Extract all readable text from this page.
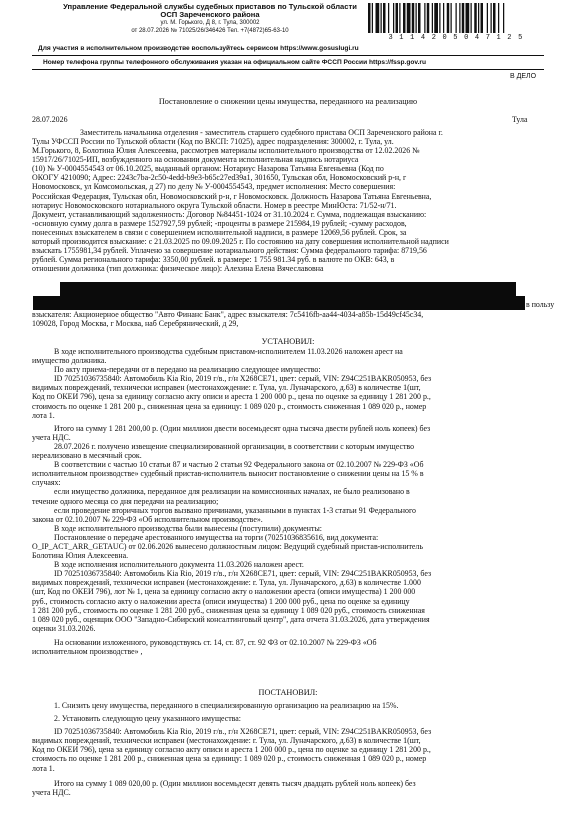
Управление Федеральной службы судебных приставов по Тульской области
ОСП Зареченского района
ул. М. Горького, Д 8, г. Тула, 300002
от 28.07.2026 № 71025/26/346426 Тел. +7(4872)65-63-10
3 1 1 4 2 0 5 0 4 7 1 2 5
Для участия в исполнительном производстве воспользуйтесь сервисом https://www.gosuslugi.ru
Номер телефона группы телефонного обслуживания указан на официальном сайте ФССП России https://fssp.gov.ru
В ДЕЛО
Постановление о снижении цены имущества, переданного на реализацию
28.07.2026	Тула
Заместитель начальника отделения - заместитель старшего судебного пристава ОСП Зареченского района г.
Тулы УФССП России по Тульской области (Код по ВКСП: 71025), адрес подразделения: 300002, г. Тула, ул.
М.Горького, 8, Болотина Юлия Алексеевна, рассмотрев материалы исполнительного производства от 12.02.2026 №
15917/26/71025-ИП, возбужденного на основании документа исполнительная надпись нотариуса
(10) № У-0004554543 от 06.10.2025, выданный органом: Нотариус Назарова Татьяна Евгеньевна (Код по
ОКОГУ 4210090; Адрес: 2243c7ba-2c50-4edd-b9e3-b65c27ed39a1, 301650, Тульская обл, Новомосковский р-н, г
Новомосковск, ул Комсомольская, д 27) по делу № У-0004554543, предмет исполнения: Место совершения:
Российская Федерация, Тульская обл, Новомосковский р-н, г Новомосковск. Должность Назарова Татьяна Евгеньевна,
нотариус Новомосковского нотариального округа Тульской области. Номер в реестре МинЮста: 71/52-н/71.
Документ, устанавливающий задолженность: Договор №84451-1024 от 31.10.2024 г. Сумма, подлежащая взысканию:
-основную сумму долга в размере 1527927,59 рублей; -проценты в размере 215984,19 рублей; -сумму расходов,
понесенных взыскателем в связи с совершением исполнительной надписи, в размере 12069,56 рублей. Срок, за
который производится взыскание: с 21.03.2025 по 09.09.2025 г. По состоянию на дату совершения исполнительной надписи
взыскать 1755981,34 рублей. Уплачено за совершение нотариального действия: Сумма федерального тарифа: 8719,56
рублей. Сумма регионального тарифа: 3350,00 рублей. в размере: 1 755 981.34 руб. в валюте по ОКВ: 643, в
отношении должника (тип должника: физическое лицо): Алехина Елена Вячеславовна
в пользу
взыскателя: Акционерное общество "Авто Финанс Банк", адрес взыскателя: 7c5416fb-aa44-4034-a85b-15d49cf45c34,
109028, Город Москва, г Москва, наб Серебрянический, д 29,
УСТАНОВИЛ:
В ходе исполнительного производства судебным приставом-исполнителем 11.03.2026 наложен арест на
имущество должника.
По акту приема-передачи от в передано на реализацию следующее имущество:
ID 70251036735840: Автомобиль Kia Rio, 2019 г/в., г/н Х268СЕ71, цвет: серый, VIN: Z94C251BAKR050953, без
видимых повреждений, технически исправен (местонахождение: г. Тула, ул. Луначарского, д.63) в количестве 1(шт,
Код по ОКЕИ 796), цена за единицу согласно акту описи и ареста 1 200 000 р., цена по оценке за единицу 1 281 200 р.,
стоимость по оценке 1 281 200 р., сниженная цена за единицу: 1 089 020 р., стоимость сниженная 1 089 020 р., номер
лота 1.
Итого на сумму 1 281 200,00 р. (Один миллион двести восемьдесят одна тысяча двести рублей ноль копеек) без
учета НДС.
28.07.2026 г. получено извещение специализированной организации, в соответствии с которым имущество
нереализовано в месячный срок.
В соответствии с частью 10 статьи 87 и частью 2 статьи 92 Федерального закона от 02.10.2007 № 229-ФЗ «Об
исполнительном производстве» судебный пристав-исполнитель выносит постановление о снижении цены на 15 % в
случаях:
если имущество должника, переданное для реализации на комиссионных началах, не было реализовано в
течение одного месяца со дня передачи на реализацию;
если проведение вторичных торгов вызвано причинами, указанными в пунктах 1-3 статьи 91 Федерального
закона от 02.10.2007 № 229-ФЗ «Об исполнительном производстве».
В ходе исполнительного производства были вынесены (поступили) документы:
Постановление о передаче арестованного имущества на торги (70251036835616, вид документа:
O_IP_ACT_ARR_GETAUC) от 02.06.2026 вынесено должностным лицом: Ведущий судебный пристав-исполнитель
Болотина Юлия Алексеевна.
В ходе исполнения исполнительного документа 11.03.2026 наложен арест.
ID 70251036735840: Автомобиль Kia Rio, 2019 г/в., г/н Х268СЕ71, цвет: серый, VIN: Z94C251BAKR050953, без
видимых повреждений, технически исправен (местонахождение: г. Тула, ул. Луначарского, д.63) в количестве 1.000
(шт, Код по ОКЕИ 796), лот № 1, цена за единицу согласно акту о наложении ареста (описи имущества) 1 200 000
руб., стоимость согласно акту о наложении ареста (описи имущества) 1 200 000 руб., цена по оценке за единицу
1 281 200 руб., стоимость по оценке 1 281 200 руб., сниженная цена за единицу 1 089 020 руб., стоимость сниженная
1 089 020 руб., оценщик ООО "Западно-Сибирский консалтинговый центр", дата отчета 31.03.2026, дата утверждения
оценки 31.03.2026.
На основании изложенного, руководствуясь ст. 14, ст. 87, ст. 92 ФЗ от 02.10.2007 № 229-ФЗ «Об
исполнительном производстве» ,
ПОСТАНОВИЛ:
1. Снизить цену имущества, переданного в специализированную организацию на реализацию на 15%.
2. Установить следующую цену указанного имущества:
ID 70251036735840: Автомобиль Kia Rio, 2019 г/в., г/н Х268СЕ71, цвет: серый, VIN: Z94C251BAKR050953, без
видимых повреждений, технически исправен (местонахождение: г. Тула, ул. Луначарского, д.63) в количестве 1(шт,
Код по ОКЕИ 796), цена за единицу согласно акту описи и ареста 1 200 000 р., цена по оценке за единицу 1 281 200 р.,
стоимость по оценке 1 281 200 р., сниженная цена за единицу: 1 089 020 р., стоимость сниженная 1 089 020 р., номер
лота 1.
Итого на сумму 1 089 020,00 р. (Один миллион восемьдесят девять тысяч двадцать рублей ноль копеек) без
учета НДС.
